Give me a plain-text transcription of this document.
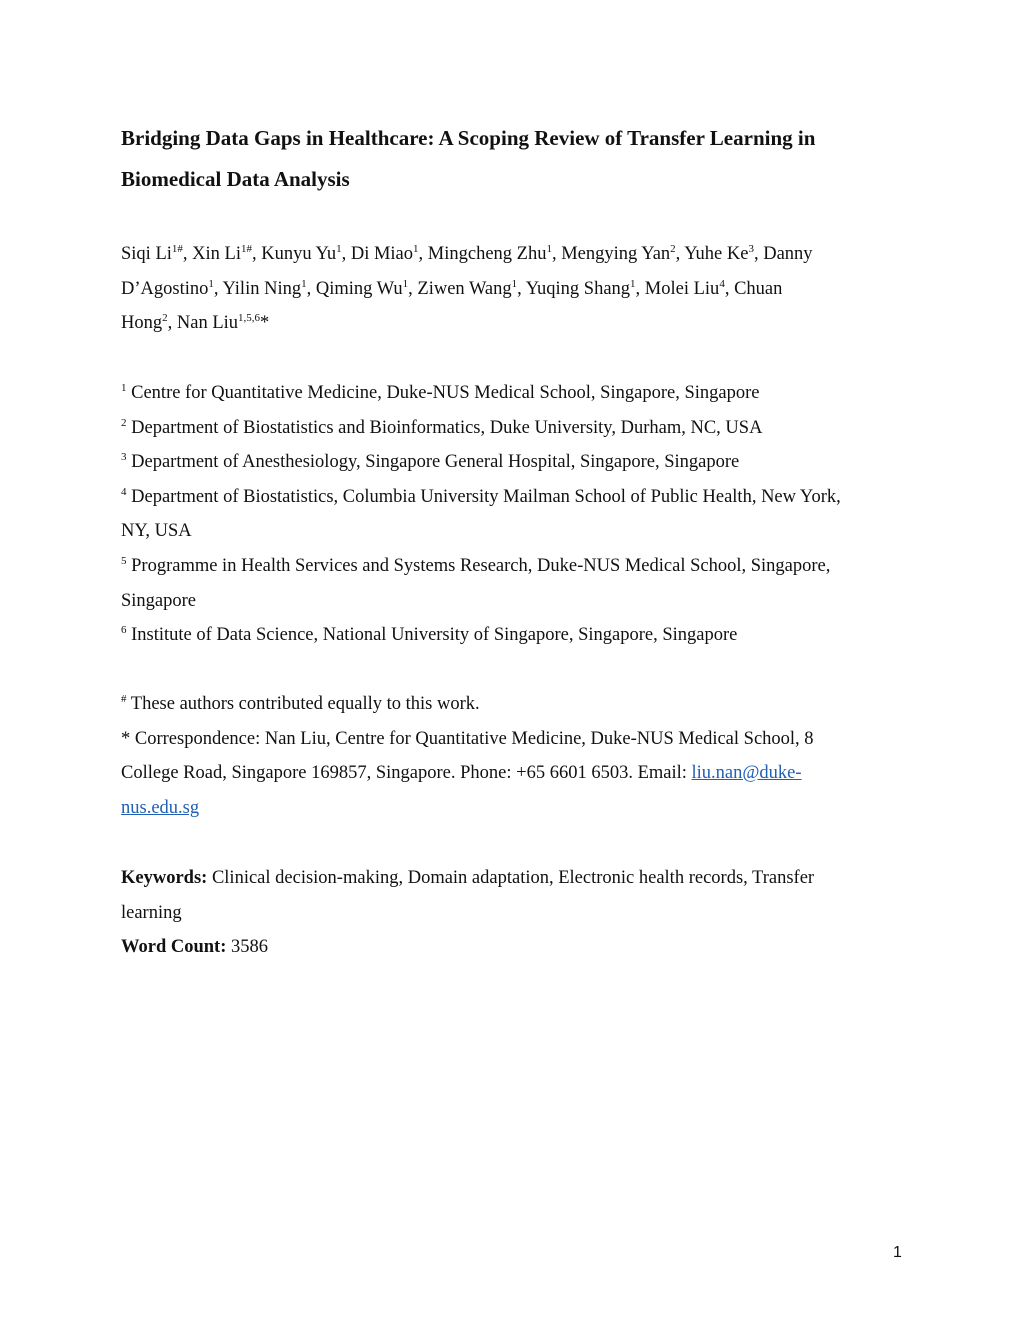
Bridging Data Gaps in Healthcare: A Scoping Review of Transfer Learning in
Biomedical Data Analysis

Siqi $Li^{1\#}$, Xin $Li^{1\#}$, Kunyu Yu$^1$, Di Miao$^1$, Mingcheng Zhu$^1$, Mengying Yan$^2$, Yuhe Ke$^3$, Danny
D’Agostino$^1$, Yilin Ning$^1$, Qiming Wu$^1$, Ziwen Wang$^1$, Yuqing Shang$^1$, Molei Liu$^4$, Chuan
Hong$^2$, Nan Liu$^{1,5,6}$*

$^1$ Centre for Quantitative Medicine, Duke-NUS Medical School, Singapore, Singapore
$^2$ Department of Biostatistics and Bioinformatics, Duke University, Durham, NC, USA
$^3$ Department of Anesthesiology, Singapore General Hospital, Singapore, Singapore
$^4$ Department of Biostatistics, Columbia University Mailman School of Public Health, New York,
NY, USA
$^5$ Programme in Health Services and Systems Research, Duke-NUS Medical School, Singapore,
Singapore
$^6$ Institute of Data Science, National University of Singapore, Singapore, Singapore
# These authors contributed equally to this work.
* Correspondence: Nan Liu, Centre for Quantitative Medicine, Duke-NUS Medical School, 8
College Road, Singapore 169857, Singapore. Phone: +65 6601 6503. Email: liu.nan@duke-
nus.edu.sg
Keywords: Clinical decision-making, Domain adaptation, Electronic health records, Transfer
learning
Word Count: 3586
1
